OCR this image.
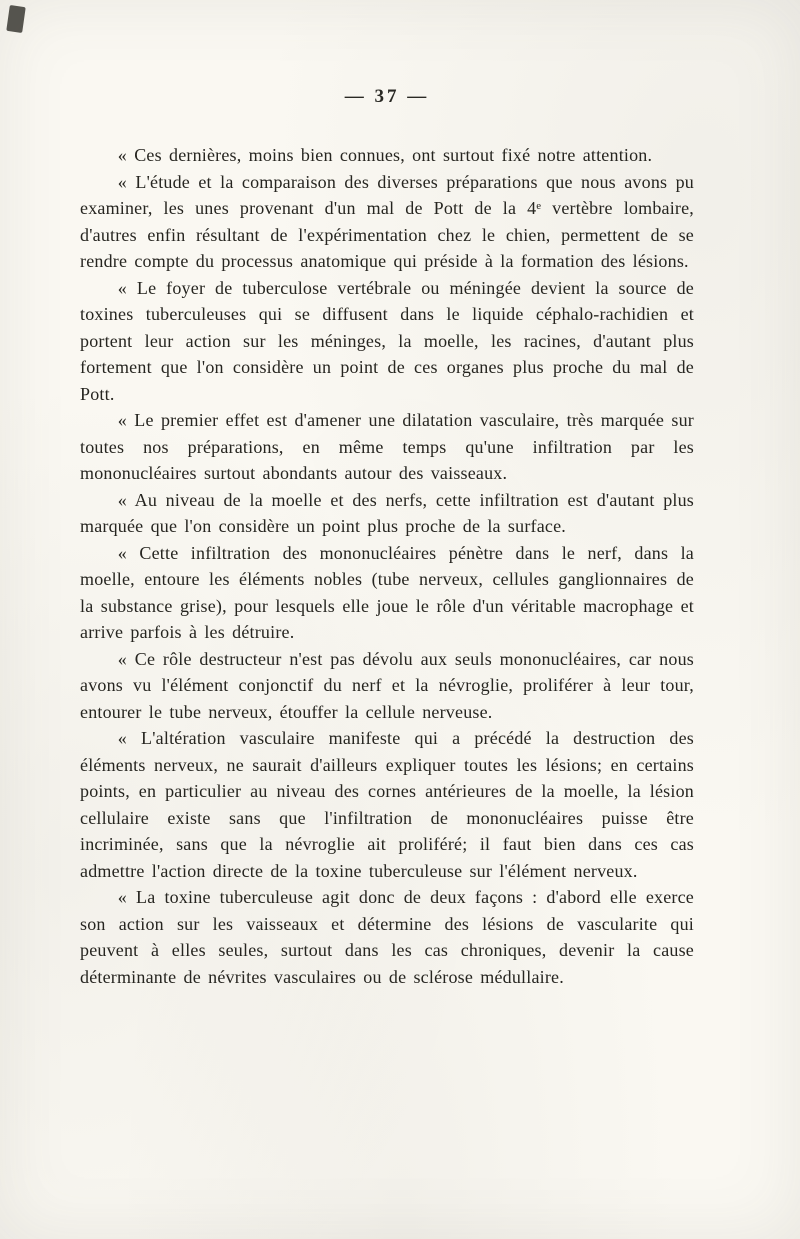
— 37 —

« Ces dernières, moins bien connues, ont surtout fixé notre attention.

« L'étude et la comparaison des diverses préparations que nous avons pu examiner, les unes provenant d'un mal de Pott de la 4ᵉ vertèbre lombaire, d'autres enfin résultant de l'expérimentation chez le chien, permettent de se rendre compte du processus anatomique qui préside à la formation des lésions.

« Le foyer de tuberculose vertébrale ou méningée devient la source de toxines tuberculeuses qui se diffusent dans le liquide céphalo-rachidien et portent leur action sur les méninges, la moelle, les racines, d'autant plus fortement que l'on considère un point de ces organes plus proche du mal de Pott.

« Le premier effet est d'amener une dilatation vasculaire, très marquée sur toutes nos préparations, en même temps qu'une infiltration par les mononucléaires surtout abondants autour des vaisseaux.

« Au niveau de la moelle et des nerfs, cette infiltration est d'autant plus marquée que l'on considère un point plus proche de la surface.

« Cette infiltration des mononucléaires pénètre dans le nerf, dans la moelle, entoure les éléments nobles (tube nerveux, cellules ganglionnaires de la substance grise), pour lesquels elle joue le rôle d'un véritable macrophage et arrive parfois à les détruire.

« Ce rôle destructeur n'est pas dévolu aux seuls mononucléaires, car nous avons vu l'élément conjonctif du nerf et la névroglie, proliférer à leur tour, entourer le tube nerveux, étouffer la cellule nerveuse.

« L'altération vasculaire manifeste qui a précédé la destruction des éléments nerveux, ne saurait d'ailleurs expliquer toutes les lésions; en certains points, en particulier au niveau des cornes antérieures de la moelle, la lésion cellulaire existe sans que l'infiltration de mononucléaires puisse être incriminée, sans que la névroglie ait proliféré; il faut bien dans ces cas admettre l'action directe de la toxine tuberculeuse sur l'élément nerveux.

« La toxine tuberculeuse agit donc de deux façons : d'abord elle exerce son action sur les vaisseaux et détermine des lésions de vascularite qui peuvent à elles seules, surtout dans les cas chroniques, devenir la cause déterminante de névrites vasculaires ou de sclérose médullaire.
